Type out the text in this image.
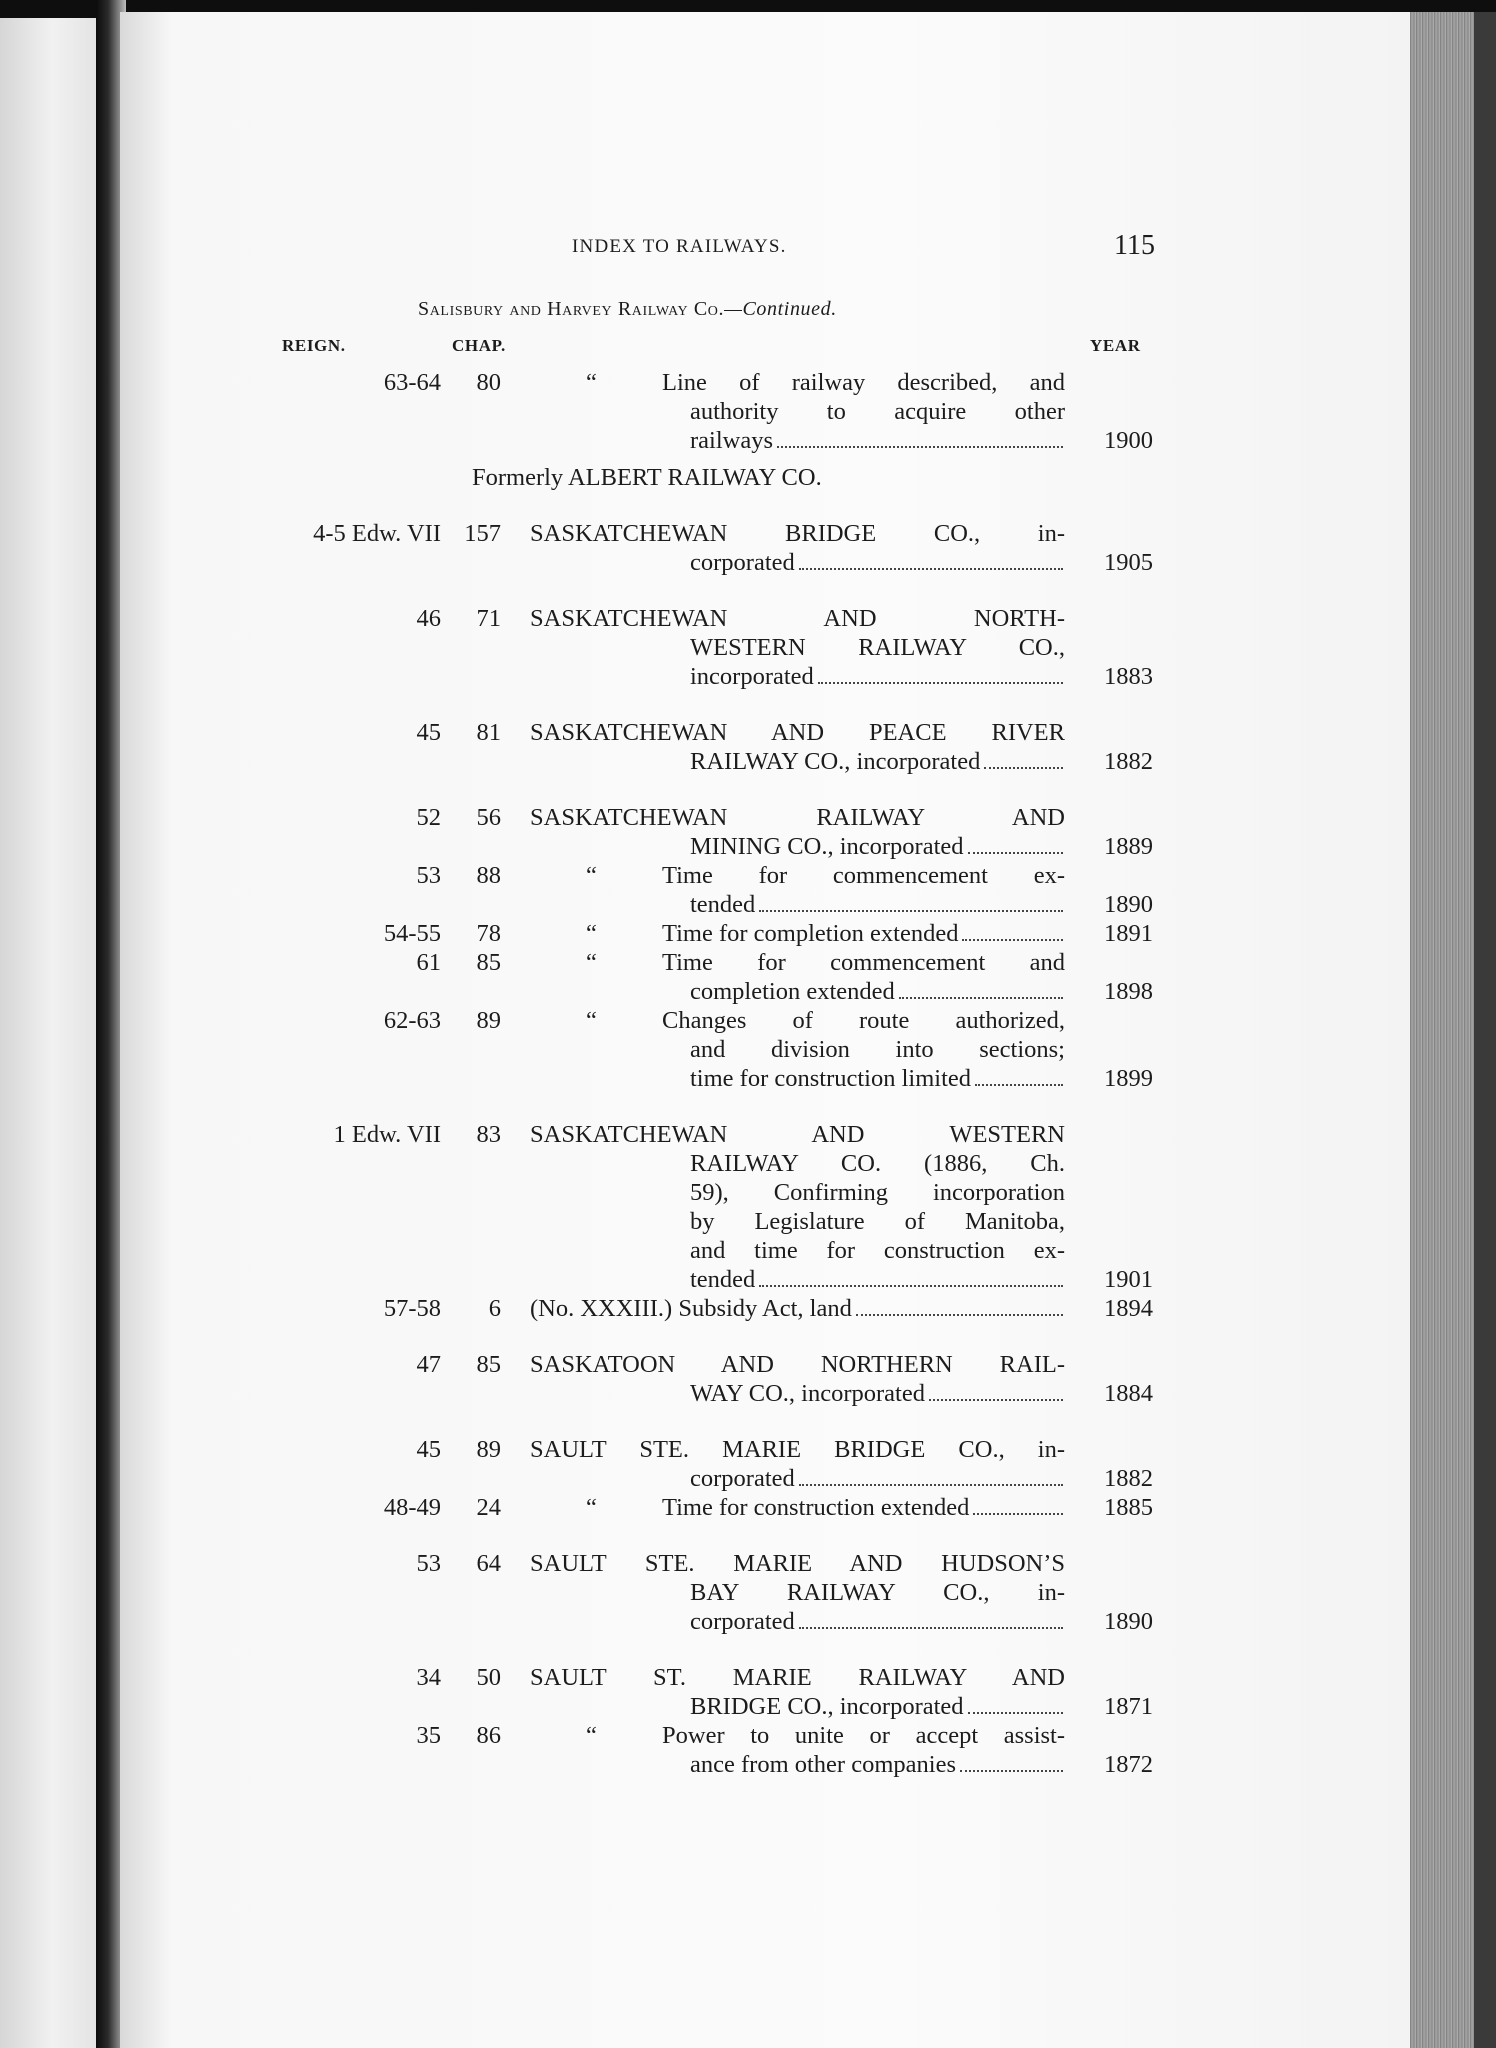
INDEX TO RAILWAYS.	115
Salisbury and Harvey Railway Co.—Continued.
REIGN.	CHAP.	YEAR
63-64 80	“	Line of railway described, and
authority to acquire other
railways	1900
Formerly ALBERT RAILWAY CO.
4-5 Edw. VII 157 SASKATCHEWAN BRIDGE CO., in-
corporated	1905
46 71 SASKATCHEWAN AND NORTH-
WESTERN RAILWAY CO.,
incorporated	1883
45 81 SASKATCHEWAN AND PEACE RIVER
RAILWAY CO., incorporated	1882
52 56 SASKATCHEWAN RAILWAY AND
MINING CO., incorporated	1889
53 88	“	Time for commencement ex-
tended	1890
54-55 78	“	Time for completion extended	1891
61 85	“	Time for commencement and
completion extended	1898
62-63 89	“	Changes of route authorized,
and division into sections;
time for construction limited	1899
1 Edw. VII 83 SASKATCHEWAN AND WESTERN
RAILWAY CO. (1886, Ch.
59), Confirming incorporation
by Legislature of Manitoba,
and time for construction ex-
tended	1901
57-58 6 (No. XXXIII.) Subsidy Act, land	1894
47 85 SASKATOON AND NORTHERN RAIL-
WAY CO., incorporated	1884
45 89 SAULT STE. MARIE BRIDGE CO., in-
corporated	1882
48-49 24	“	Time for construction extended	1885
53 64 SAULT STE. MARIE AND HUDSON’S
BAY RAILWAY CO., in-
corporated	1890
34 50 SAULT ST. MARIE RAILWAY AND
BRIDGE CO., incorporated	1871
35 86	“	Power to unite or accept assist-
ance from other companies	1872
